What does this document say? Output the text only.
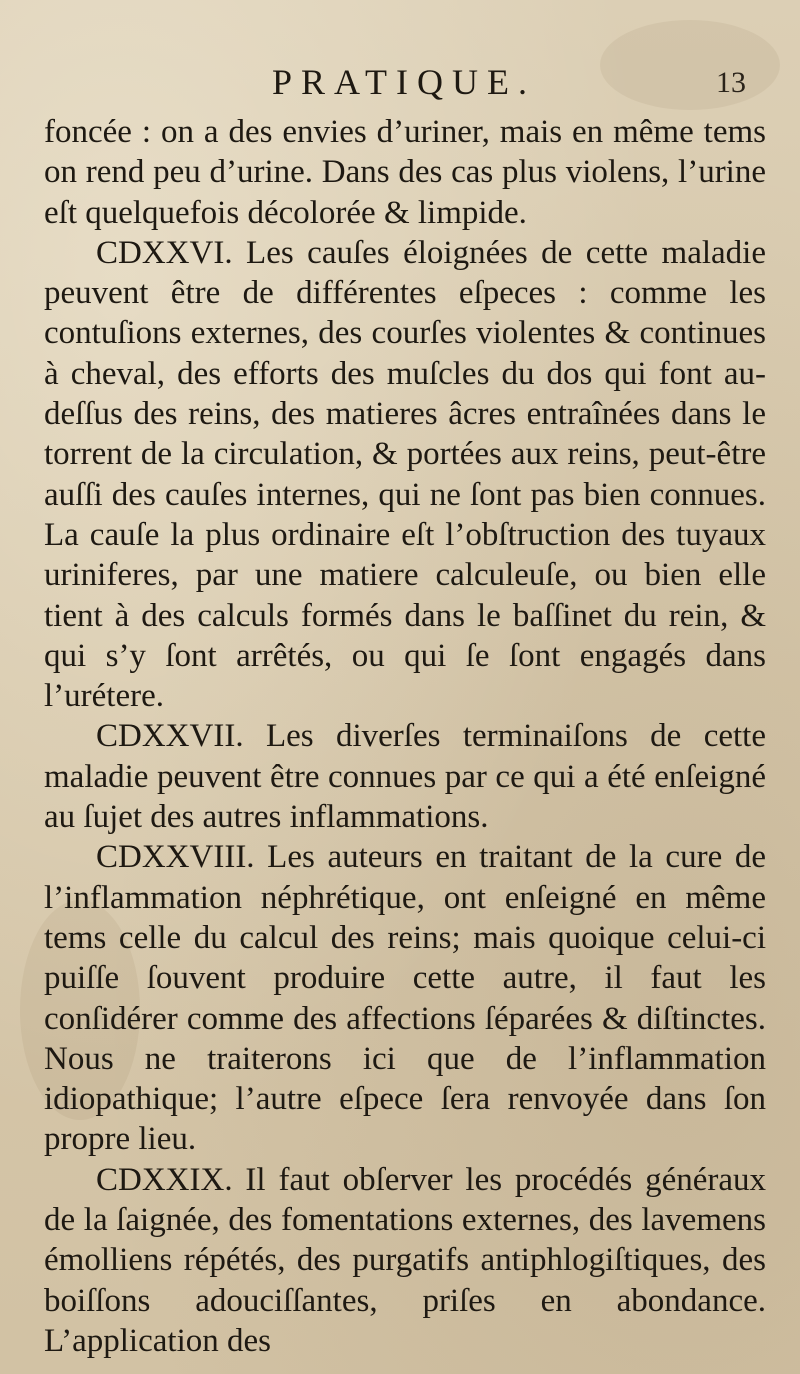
PRATIQUE.	13

foncée : on a des envies d’uriner, mais en même tems on rend peu d’urine. Dans des cas plus violens, l’urine eſt quelquefois décolorée & limpide.

CDXXVI. Les cauſes éloignées de cette maladie peuvent être de différentes eſpeces : comme les contuſions externes, des courſes violentes & continues à cheval, des efforts des muſcles du dos qui font au-deſſus des reins, des matieres âcres entraînées dans le torrent de la circulation, & portées aux reins, peut-être auſſi des cauſes internes, qui ne ſont pas bien connues. La cauſe la plus ordinaire eſt l’obſtruction des tuyaux uriniferes, par une matiere calculeuſe, ou bien elle tient à des calculs formés dans le baſſinet du rein, & qui s’y ſont arrêtés, ou qui ſe ſont engagés dans l’urétere.

CDXXVII. Les diverſes terminaiſons de cette maladie peuvent être connues par ce qui a été enſeigné au ſujet des autres inflammations.

CDXXVIII. Les auteurs en traitant de la cure de l’inflammation néphrétique, ont enſeigné en même tems celle du calcul des reins; mais quoique celui-ci puiſſe ſouvent produire cette autre, il faut les conſidérer comme des affections ſéparées & diſtinctes. Nous ne traiterons ici que de l’inflammation idiopathique; l’autre eſpece ſera renvoyée dans ſon propre lieu.

CDXXIX. Il faut obſerver les procédés généraux de la ſaignée, des fomentations externes, des lavemens émolliens répétés, des purgatifs antiphlogiſtiques, des boiſſons adouciſſantes, priſes en abondance. L’application des
